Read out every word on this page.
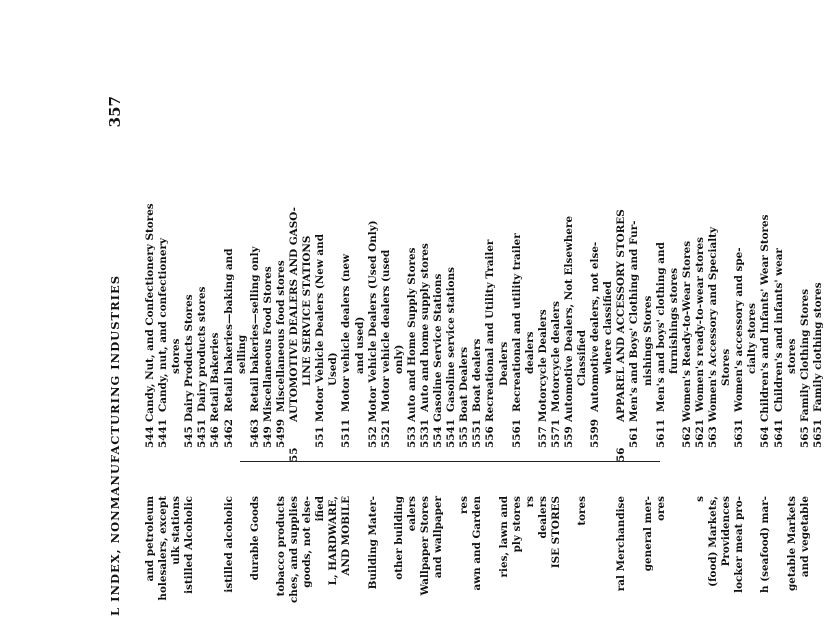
L INDEX, NONMANUFACTURING INDUSTRIES
357
and petroleum holesalers, except ulk stations istilled Alcoholic	istilled alcoholic durable Goods tobacco products ches, and supplies goods, not else- ified L, HARDWARE, AND MOBILE Building Mater- other building ealers Wallpaper Stores and wallpaper res awn and Garden ries, lawn and ply stores rs dealers ISE STORES tores	ral Merchandise general mer- ores	s (food) Markets, Providences locker meat pro- h (seafood) mar- getable Markets and vegetable
544
Candy, Nut, and Confectionery Stores
5441
Candy, nut, and confectionery stores
545
Dairy Products Stores
5451
Dairy products stores
546
Retail Bakeries
5462
Retail bakeries—baking and selling
5463
Retail bakeries—selling only
549
Miscellaneous Food Stores
5499
Miscellaneous food stores
55
AUTOMOTIVE DEALERS AND GASO- LINE SERVICE STATIONS
551
Motor Vehicle Dealers (New and Used)
5511
Motor vehicle dealers (new and used)
552
Motor Vehicle Dealers (Used Only)
5521
Motor vehicle dealers (used only)
553
Auto and Home Supply Stores
5531
Auto and home supply stores
554
Gasoline Service Stations
5541
Gasoline service stations
555
Boat Dealers
5551
Boat dealers
556
Recreational and Utility Trailer Dealers
5561
Recreational and utility trailer dealers
557
Motorcycle Dealers
5571
Motorcycle dealers
559
Automotive Dealers, Not Elsewhere Classified
5599
Automotive dealers, not else- where classified
56
APPAREL AND ACCESSORY STORES
561
Men's and Boys' Clothing and Fur- nishings Stores
5611
Men's and boys' clothing and furnishings stores
562
Women's Ready-to-Wear Stores
5621
Women's ready-to-wear stores
563
Women's Accessory and Specialty Stores
5631
Women's accessory and spe- cialty stores
564
Children's and Infants' Wear Stores
5641
Children's and infants' wear stores
565
Family Clothing Stores
5651
Family clothing stores
